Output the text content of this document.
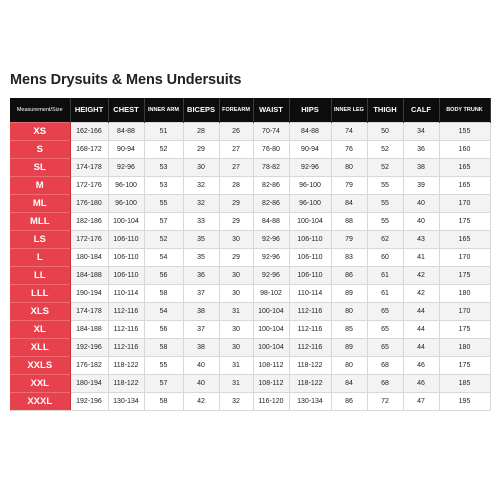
Mens Drysuits & Mens Undersuits
Measurement/Size	HEIGHT	CHEST	INNER ARM	BICEPS	FOREARM	WAIST	HIPS	INNER LEG	THIGH	CALF	BODY TRUNK
XS	162-166	84-88	51	28	26	70-74	84-88	74	50	34	155
S	168-172	90-94	52	29	27	76-80	90-94	76	52	36	160
SL	174-178	92-96	53	30	27	78-82	92-96	80	52	38	165
M	172-176	96-100	53	32	28	82-86	96-100	79	55	39	165
ML	176-180	96-100	55	32	29	82-86	96-100	84	55	40	170
MLL	182-186	100-104	57	33	29	84-88	100-104	88	55	40	175
LS	172-176	106-110	52	35	30	92-96	106-110	79	62	43	165
L	180-184	106-110	54	35	29	92-96	106-110	83	60	41	170
LL	184-188	106-110	56	36	30	92-96	106-110	86	61	42	175
LLL	190-194	110-114	58	37	30	98-102	110-114	89	61	42	180
XLS	174-178	112-116	54	38	31	100-104	112-116	80	65	44	170
XL	184-188	112-116	56	37	30	100-104	112-116	85	65	44	175
XLL	192-196	112-116	58	38	30	100-104	112-116	89	65	44	180
XXLS	176-182	118-122	55	40	31	108-112	118-122	80	68	46	175
XXL	180-194	118-122	57	40	31	108-112	118-122	84	68	46	185
XXXL	192-196	130-134	58	42	32	116-120	130-134	86	72	47	195
